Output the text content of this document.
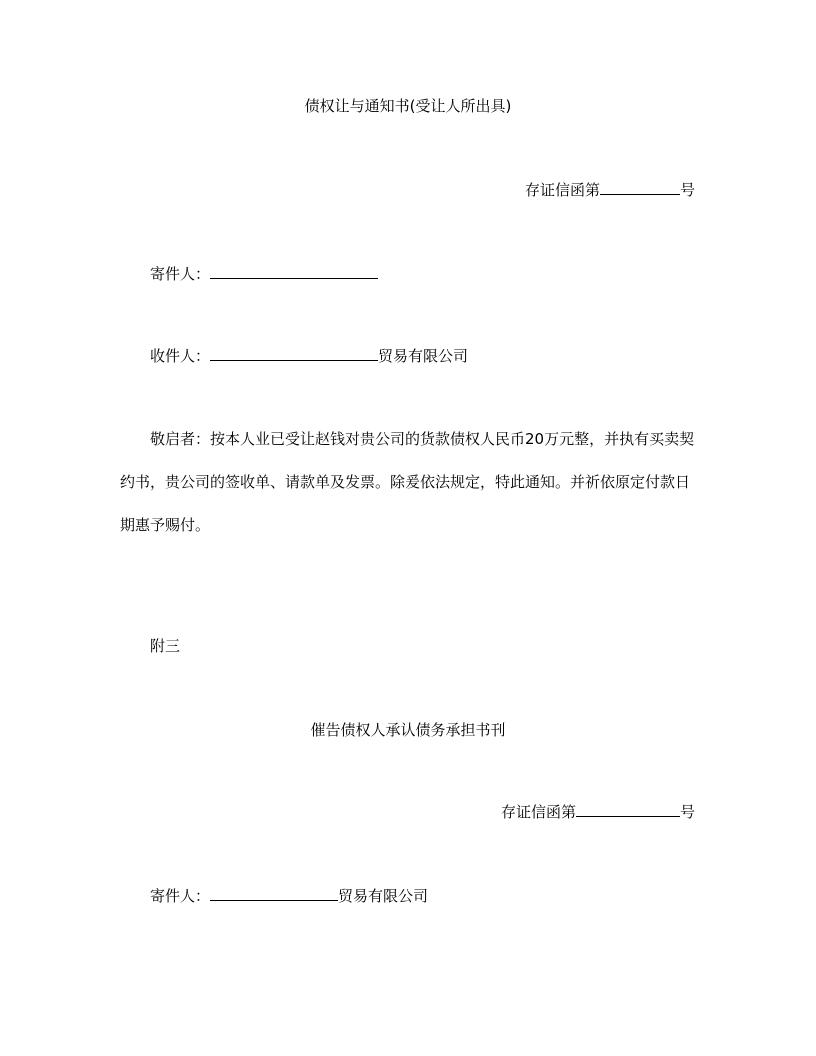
债权让与通知书(受让人所出具)
存证信函第	号
寄件人：
收件人：	贸易有限公司
敬启者：按本人业已受让赵钱对贵公司的货款债权人民币20万元整，并执有买卖契约书，贵公司的签收单、请款单及发票。除爰依法规定，特此通知。并祈依原定付款日期惠予赐付。
附三
催告债权人承认债务承担书刊
存证信函第	号
寄件人：	贸易有限公司
